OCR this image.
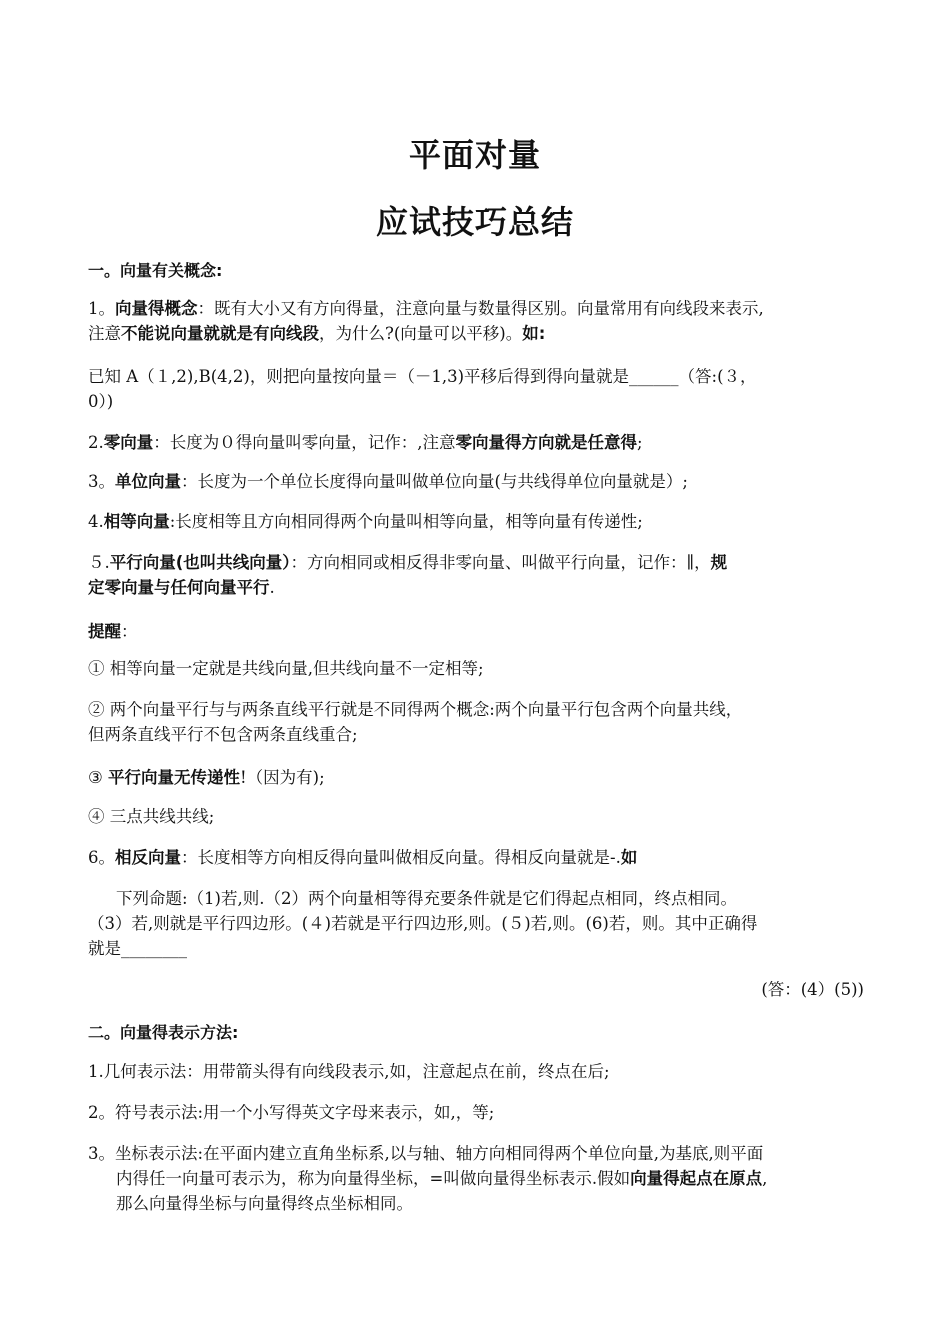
平面对量
应试技巧总结
一。向量有关概念:
1。向量得概念：既有大小又有方向得量，注意向量与数量得区别。向量常用有向线段来表示,
注意不能说向量就就是有向线段，为什么?(向量可以平移)。如:
已知 A（１,2),B(4,2)，则把向量按向量＝（－1,3)平移后得到得向量就是______（答:(３，
0）)
2.零向量：长度为０得向量叫零向量，记作：,注意零向量得方向就是任意得;
3。单位向量：长度为一个单位长度得向量叫做单位向量(与共线得单位向量就是）;
4.相等向量:长度相等且方向相同得两个向量叫相等向量，相等向量有传递性;
５.平行向量(也叫共线向量）：方向相同或相反得非零向量、叫做平行向量，记作：∥，规
定零向量与任何向量平行.
提醒：
① 相等向量一定就是共线向量,但共线向量不一定相等;
② 两个向量平行与与两条直线平行就是不同得两个概念:两个向量平行包含两个向量共线，
但两条直线平行不包含两条直线重合;
③ 平行向量无传递性!（因为有);
④ 三点共线共线;
6。相反向量：长度相等方向相反得向量叫做相反向量。得相反向量就是-.如
下列命题:（1)若,则.（2）两个向量相等得充要条件就是它们得起点相同，终点相同。
（3）若,则就是平行四边形。(４)若就是平行四边形,则。(５)若,则。(6)若，则。其中正确得
就是________
(答：(4）(5))
二。向量得表示方法:
1.几何表示法：用带箭头得有向线段表示,如，注意起点在前，终点在后;
2。符号表示法:用一个小写得英文字母来表示，如,，等;
3。坐标表示法:在平面内建立直角坐标系,以与轴、轴方向相同得两个单位向量,为基底,则平面
内得任一向量可表示为，称为向量得坐标，=叫做向量得坐标表示.假如向量得起点在原点,
那么向量得坐标与向量得终点坐标相同。
